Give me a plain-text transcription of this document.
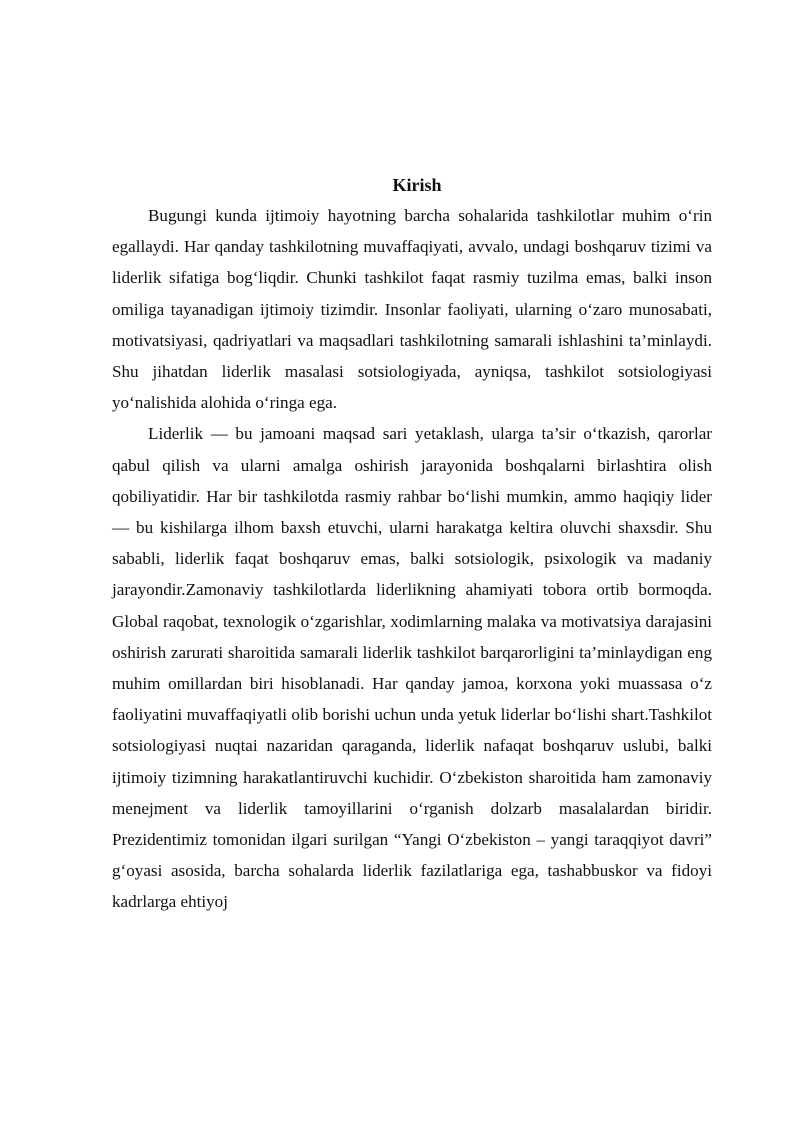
Kirish

Bugungi kunda ijtimoiy hayotning barcha sohalarida tashkilotlar muhim o‘rin egallaydi. Har qanday tashkilotning muvaffaqiyati, avvalo, undagi boshqaruv tizimi va liderlik sifatiga bog‘liqdir. Chunki tashkilot faqat rasmiy tuzilma emas, balki inson omiliga tayanadigan ijtimoiy tizimdir. Insonlar faoliyati, ularning o‘zaro munosabati, motivatsiyasi, qadriyatlari va maqsadlari tashkilotning samarali ishlashini ta’minlaydi. Shu jihatdan liderlik masalasi sotsiologiyada, ayniqsa, tashkilot sotsiologiyasi yo‘nalishida alohida o‘ringa ega.

Liderlik — bu jamoani maqsad sari yetaklash, ularga ta’sir o‘tkazish, qarorlar qabul qilish va ularni amalga oshirish jarayonida boshqalarni birlashtira olish qobiliyatidir. Har bir tashkilotda rasmiy rahbar bo‘lishi mumkin, ammo haqiqiy lider — bu kishilarga ilhom baxsh etuvchi, ularni harakatga keltira oluvchi shaxsdir. Shu sababli, liderlik faqat boshqaruv emas, balki sotsiologik, psixologik va madaniy jarayondir.Zamonaviy tashkilotlarda liderlikning ahamiyati tobora ortib bormoqda. Global raqobat, texnologik o‘zgarishlar, xodimlarning malaka va motivatsiya darajasini oshirish zarurati sharoitida samarali liderlik tashkilot barqarorligini ta’minlaydigan eng muhim omillardan biri hisoblanadi. Har qanday jamoa, korxona yoki muassasa o‘z faoliyatini muvaffaqiyatli olib borishi uchun unda yetuk liderlar bo‘lishi shart.Tashkilot sotsiologiyasi nuqtai nazaridan qaraganda, liderlik nafaqat boshqaruv uslubi, balki ijtimoiy tizimning harakatlantiruvchi kuchidir. O‘zbekiston sharoitida ham zamonaviy menejment va liderlik tamoyillarini o‘rganish dolzarb masalalardan biridir. Prezidentimiz tomonidan ilgari surilgan “Yangi O‘zbekiston – yangi taraqqiyot davri” g‘oyasi asosida, barcha sohalarda liderlik fazilatlariga ega, tashabbuskor va fidoyi kadrlarga ehtiyoj
